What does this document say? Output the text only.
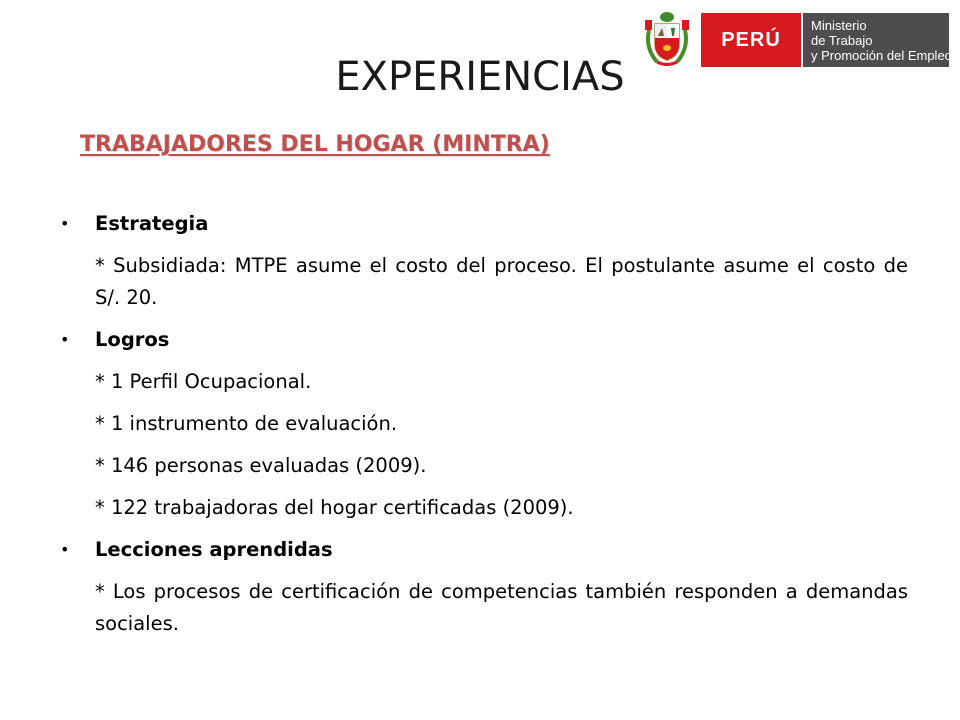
PERÚ
Ministerio
de Trabajo
y Promoción del Empleo
EXPERIENCIAS
TRABAJADORES DEL HOGAR (MINTRA)
• Estrategia
* Subsidiada: MTPE asume el costo del proceso. El postulante asume el costo de S/. 20.
• Logros
* 1 Perfil Ocupacional.
* 1 instrumento de evaluación.
* 146 personas evaluadas (2009).
* 122 trabajadoras del hogar certificadas (2009).
• Lecciones aprendidas
* Los procesos de certificación de competencias también responden a demandas sociales.
